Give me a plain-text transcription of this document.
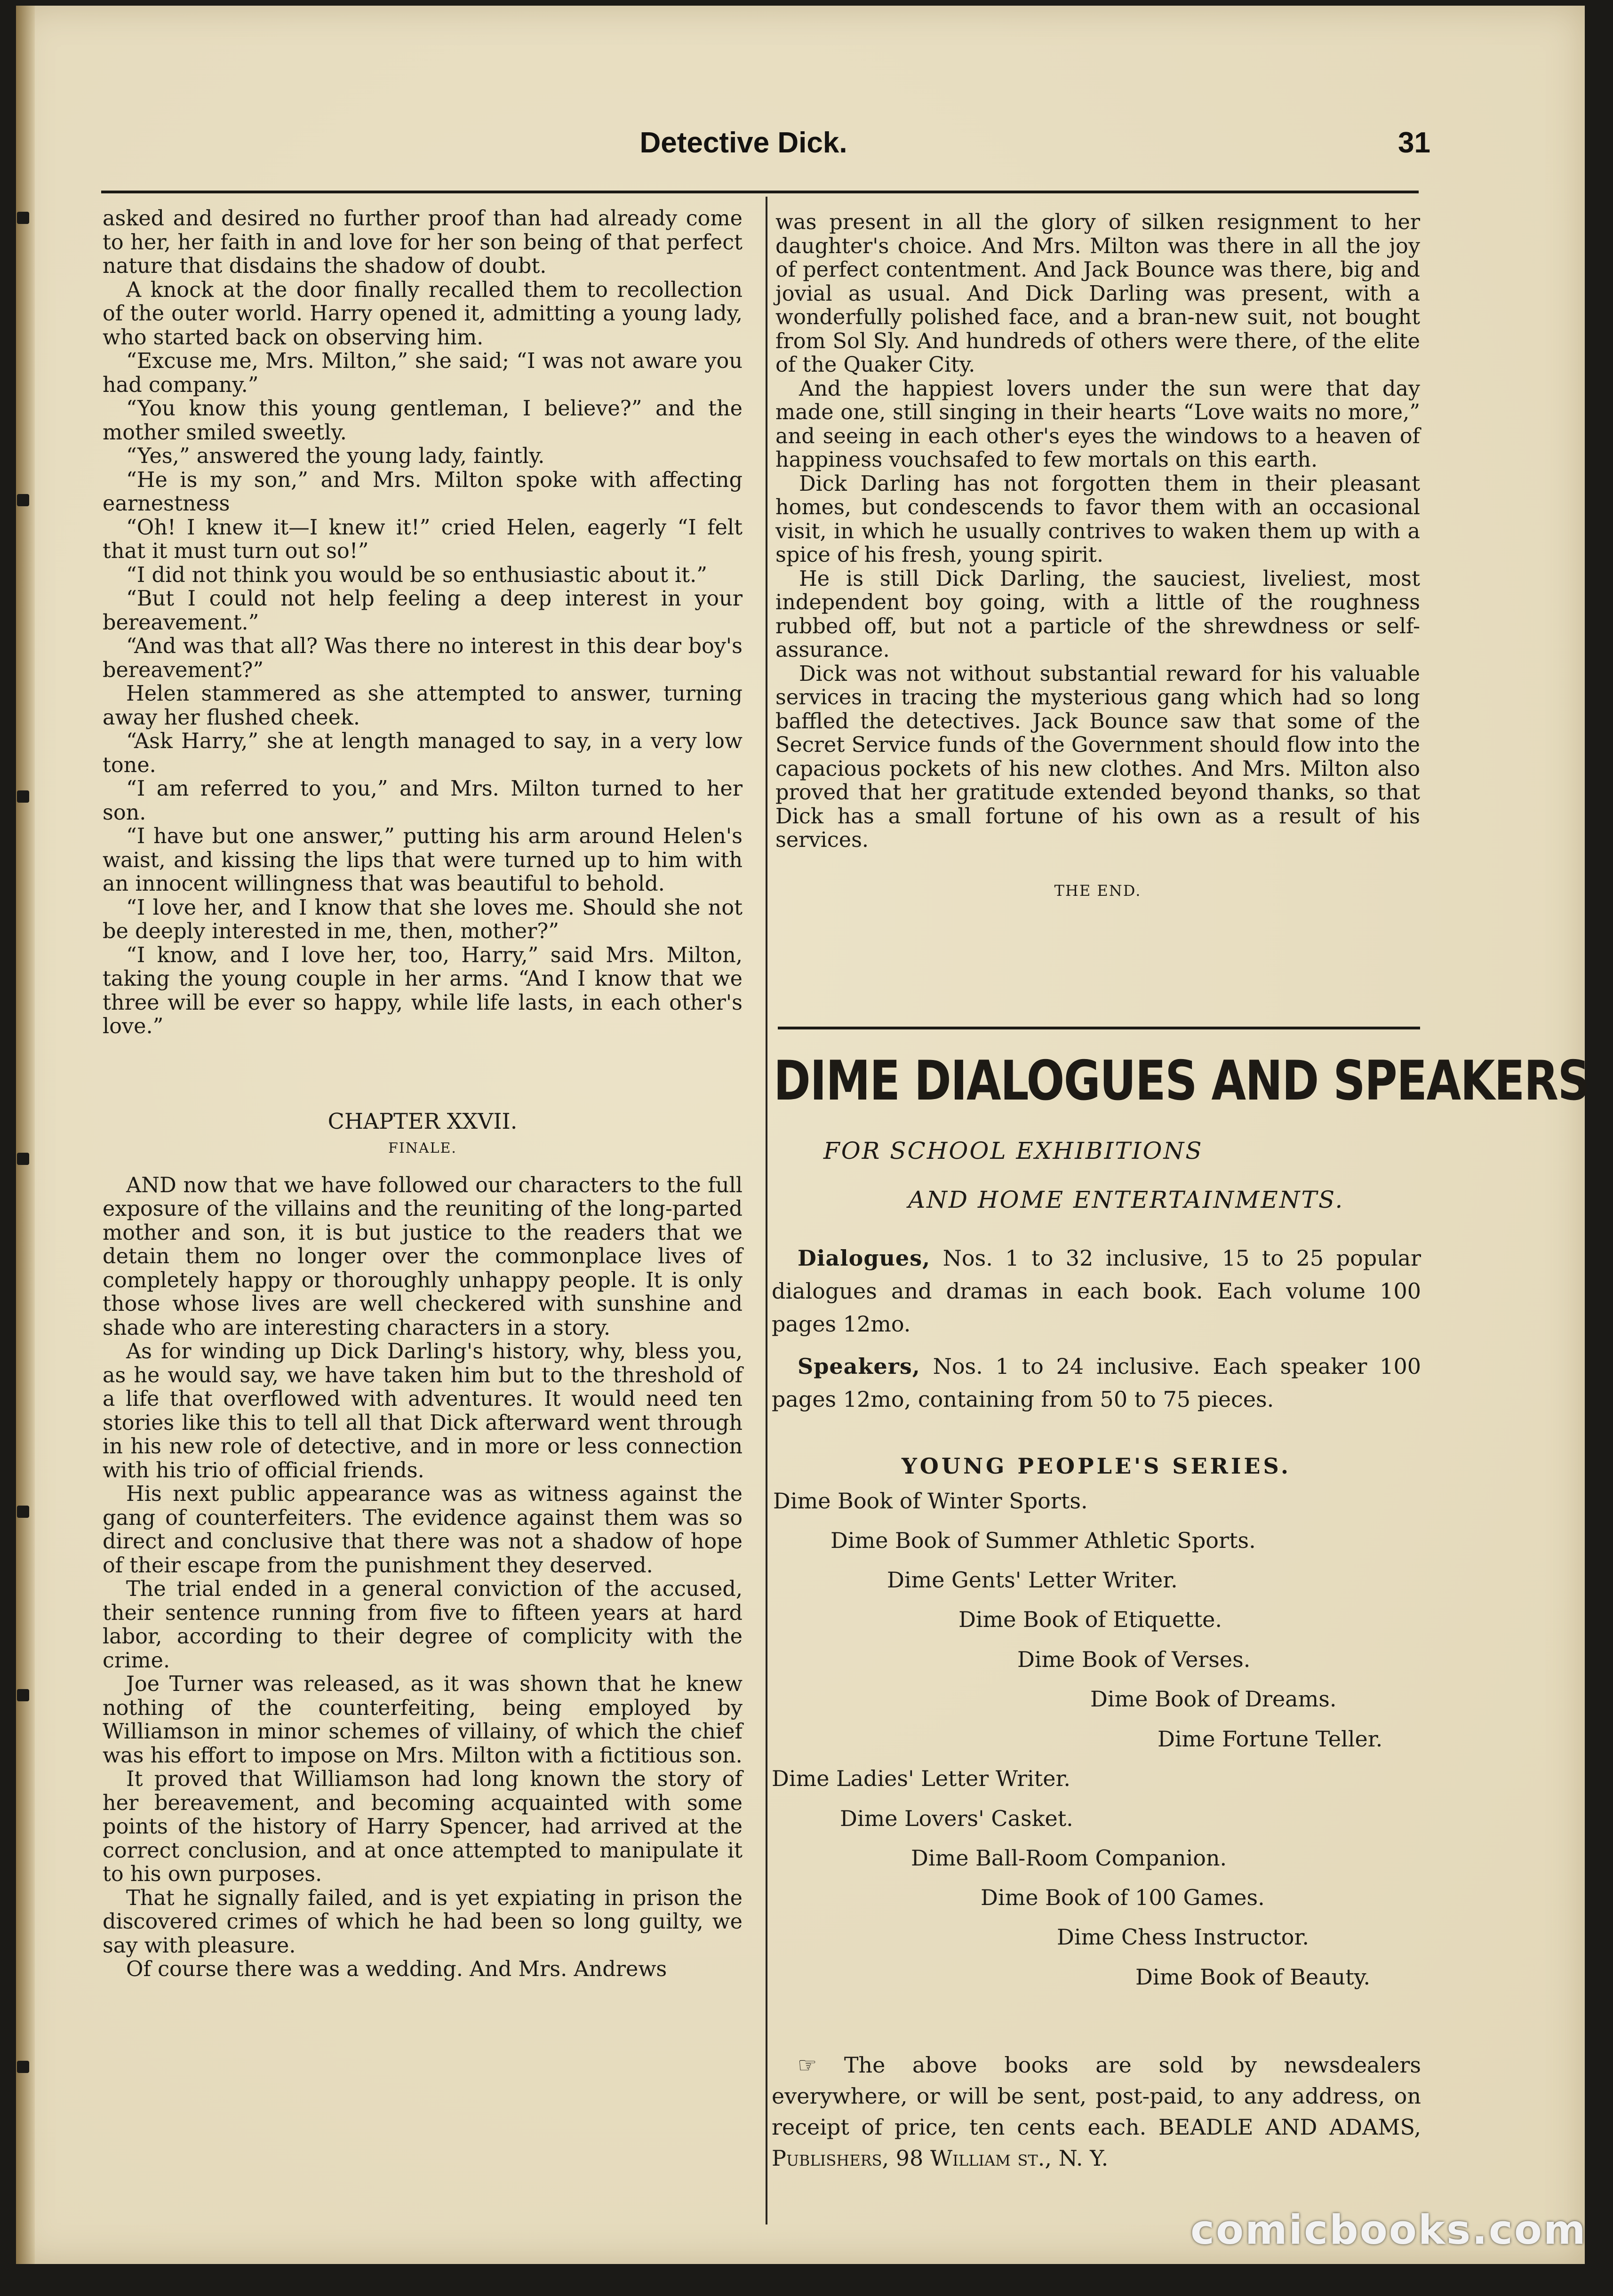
Detective Dick.	31

asked and desired no further proof than had already come to her, her faith in and love for her son being of that perfect nature that disdains the shadow of doubt.

A knock at the door finally recalled them to recollection of the outer world. Harry opened it, admitting a young lady, who started back on observing him.

“Excuse me, Mrs. Milton,” she said; “I was not aware you had company.”

“You know this young gentleman, I believe?” and the mother smiled sweetly.

“Yes,” answered the young lady, faintly.

“He is my son,” and Mrs. Milton spoke with affecting earnestness

“Oh! I knew it—I knew it!” cried Helen, eagerly “I felt that it must turn out so!”

“I did not think you would be so enthusiastic about it.”

“But I could not help feeling a deep interest in your bereavement.”

“And was that all? Was there no interest in this dear boy's bereavement?”

Helen stammered as she attempted to answer, turning away her flushed cheek.

“Ask Harry,” she at length managed to say, in a very low tone.

“I am referred to you,” and Mrs. Milton turned to her son.

“I have but one answer,” putting his arm around Helen's waist, and kissing the lips that were turned up to him with an innocent willingness that was beautiful to behold.

“I love her, and I know that she loves me. Should she not be deeply interested in me, then, mother?”

“I know, and I love her, too, Harry,” said Mrs. Milton, taking the young couple in her arms. “And I know that we three will be ever so happy, while life lasts, in each other's love.”

CHAPTER XXVII.
FINALE.

AND now that we have followed our characters to the full exposure of the villains and the reuniting of the long-parted mother and son, it is but justice to the readers that we detain them no longer over the commonplace lives of completely happy or thoroughly unhappy people. It is only those whose lives are well checkered with sunshine and shade who are interesting characters in a story.

As for winding up Dick Darling's history, why, bless you, as he would say, we have taken him but to the threshold of a life that overflowed with adventures. It would need ten stories like this to tell all that Dick afterward went through in his new role of detective, and in more or less connection with his trio of official friends.

His next public appearance was as witness against the gang of counterfeiters. The evidence against them was so direct and conclusive that there was not a shadow of hope of their escape from the punishment they deserved.

The trial ended in a general conviction of the accused, their sentence running from five to fifteen years at hard labor, according to their degree of complicity with the crime.

Joe Turner was released, as it was shown that he knew nothing of the counterfeiting, being employed by Williamson in minor schemes of villainy, of which the chief was his effort to impose on Mrs. Milton with a fictitious son.

It proved that Williamson had long known the story of her bereavement, and becoming acquainted with some points of the history of Harry Spencer, had arrived at the correct conclusion, and at once attempted to manipulate it to his own purposes.

That he signally failed, and is yet expiating in prison the discovered crimes of which he had been so long guilty, we say with pleasure.

Of course there was a wedding. And Mrs. Andrews

was present in all the glory of silken resignment to her daughter's choice. And Mrs. Milton was there in all the joy of perfect contentment. And Jack Bounce was there, big and jovial as usual. And Dick Darling was present, with a wonderfully polished face, and a bran-new suit, not bought from Sol Sly. And hundreds of others were there, of the elite of the Quaker City.

And the happiest lovers under the sun were that day made one, still singing in their hearts “Love waits no more,” and seeing in each other's eyes the windows to a heaven of happiness vouchsafed to few mortals on this earth.

Dick Darling has not forgotten them in their pleasant homes, but condescends to favor them with an occasional visit, in which he usually contrives to waken them up with a spice of his fresh, young spirit.

He is still Dick Darling, the sauciest, liveliest, most independent boy going, with a little of the roughness rubbed off, but not a particle of the shrewdness or self-assurance.

Dick was not without substantial reward for his valuable services in tracing the mysterious gang which had so long baffled the detectives. Jack Bounce saw that some of the Secret Service funds of the Government should flow into the capacious pockets of his new clothes. And Mrs. Milton also proved that her gratitude extended beyond thanks, so that Dick has a small fortune of his own as a result of his services.

THE END.
DIME DIALOGUES AND SPEAKERS

FOR SCHOOL EXHIBITIONS

AND HOME ENTERTAINMENTS.

Dialogues, Nos. 1 to 32 inclusive, 15 to 25 popular dialogues and dramas in each book. Each volume 100 pages 12mo.

Speakers, Nos. 1 to 24 inclusive. Each speaker 100 pages 12mo, containing from 50 to 75 pieces.

YOUNG PEOPLE'S SERIES.
Dime Book of Winter Sports.
Dime Book of Summer Athletic Sports.
Dime Gents' Letter Writer.
Dime Book of Etiquette.
Dime Book of Verses.
Dime Book of Dreams.
Dime Fortune Teller.
Dime Ladies' Letter Writer.
Dime Lovers' Casket.
Dime Ball-Room Companion.
Dime Book of 100 Games.
Dime Chess Instructor.
Dime Book of Beauty.

☞ The above books are sold by newsdealers everywhere, or will be sent, post-paid, to any address, on receipt of price, ten cents each. BEADLE AND ADAMS, Publishers, 98 William st., N. Y.

comicbooks.com
